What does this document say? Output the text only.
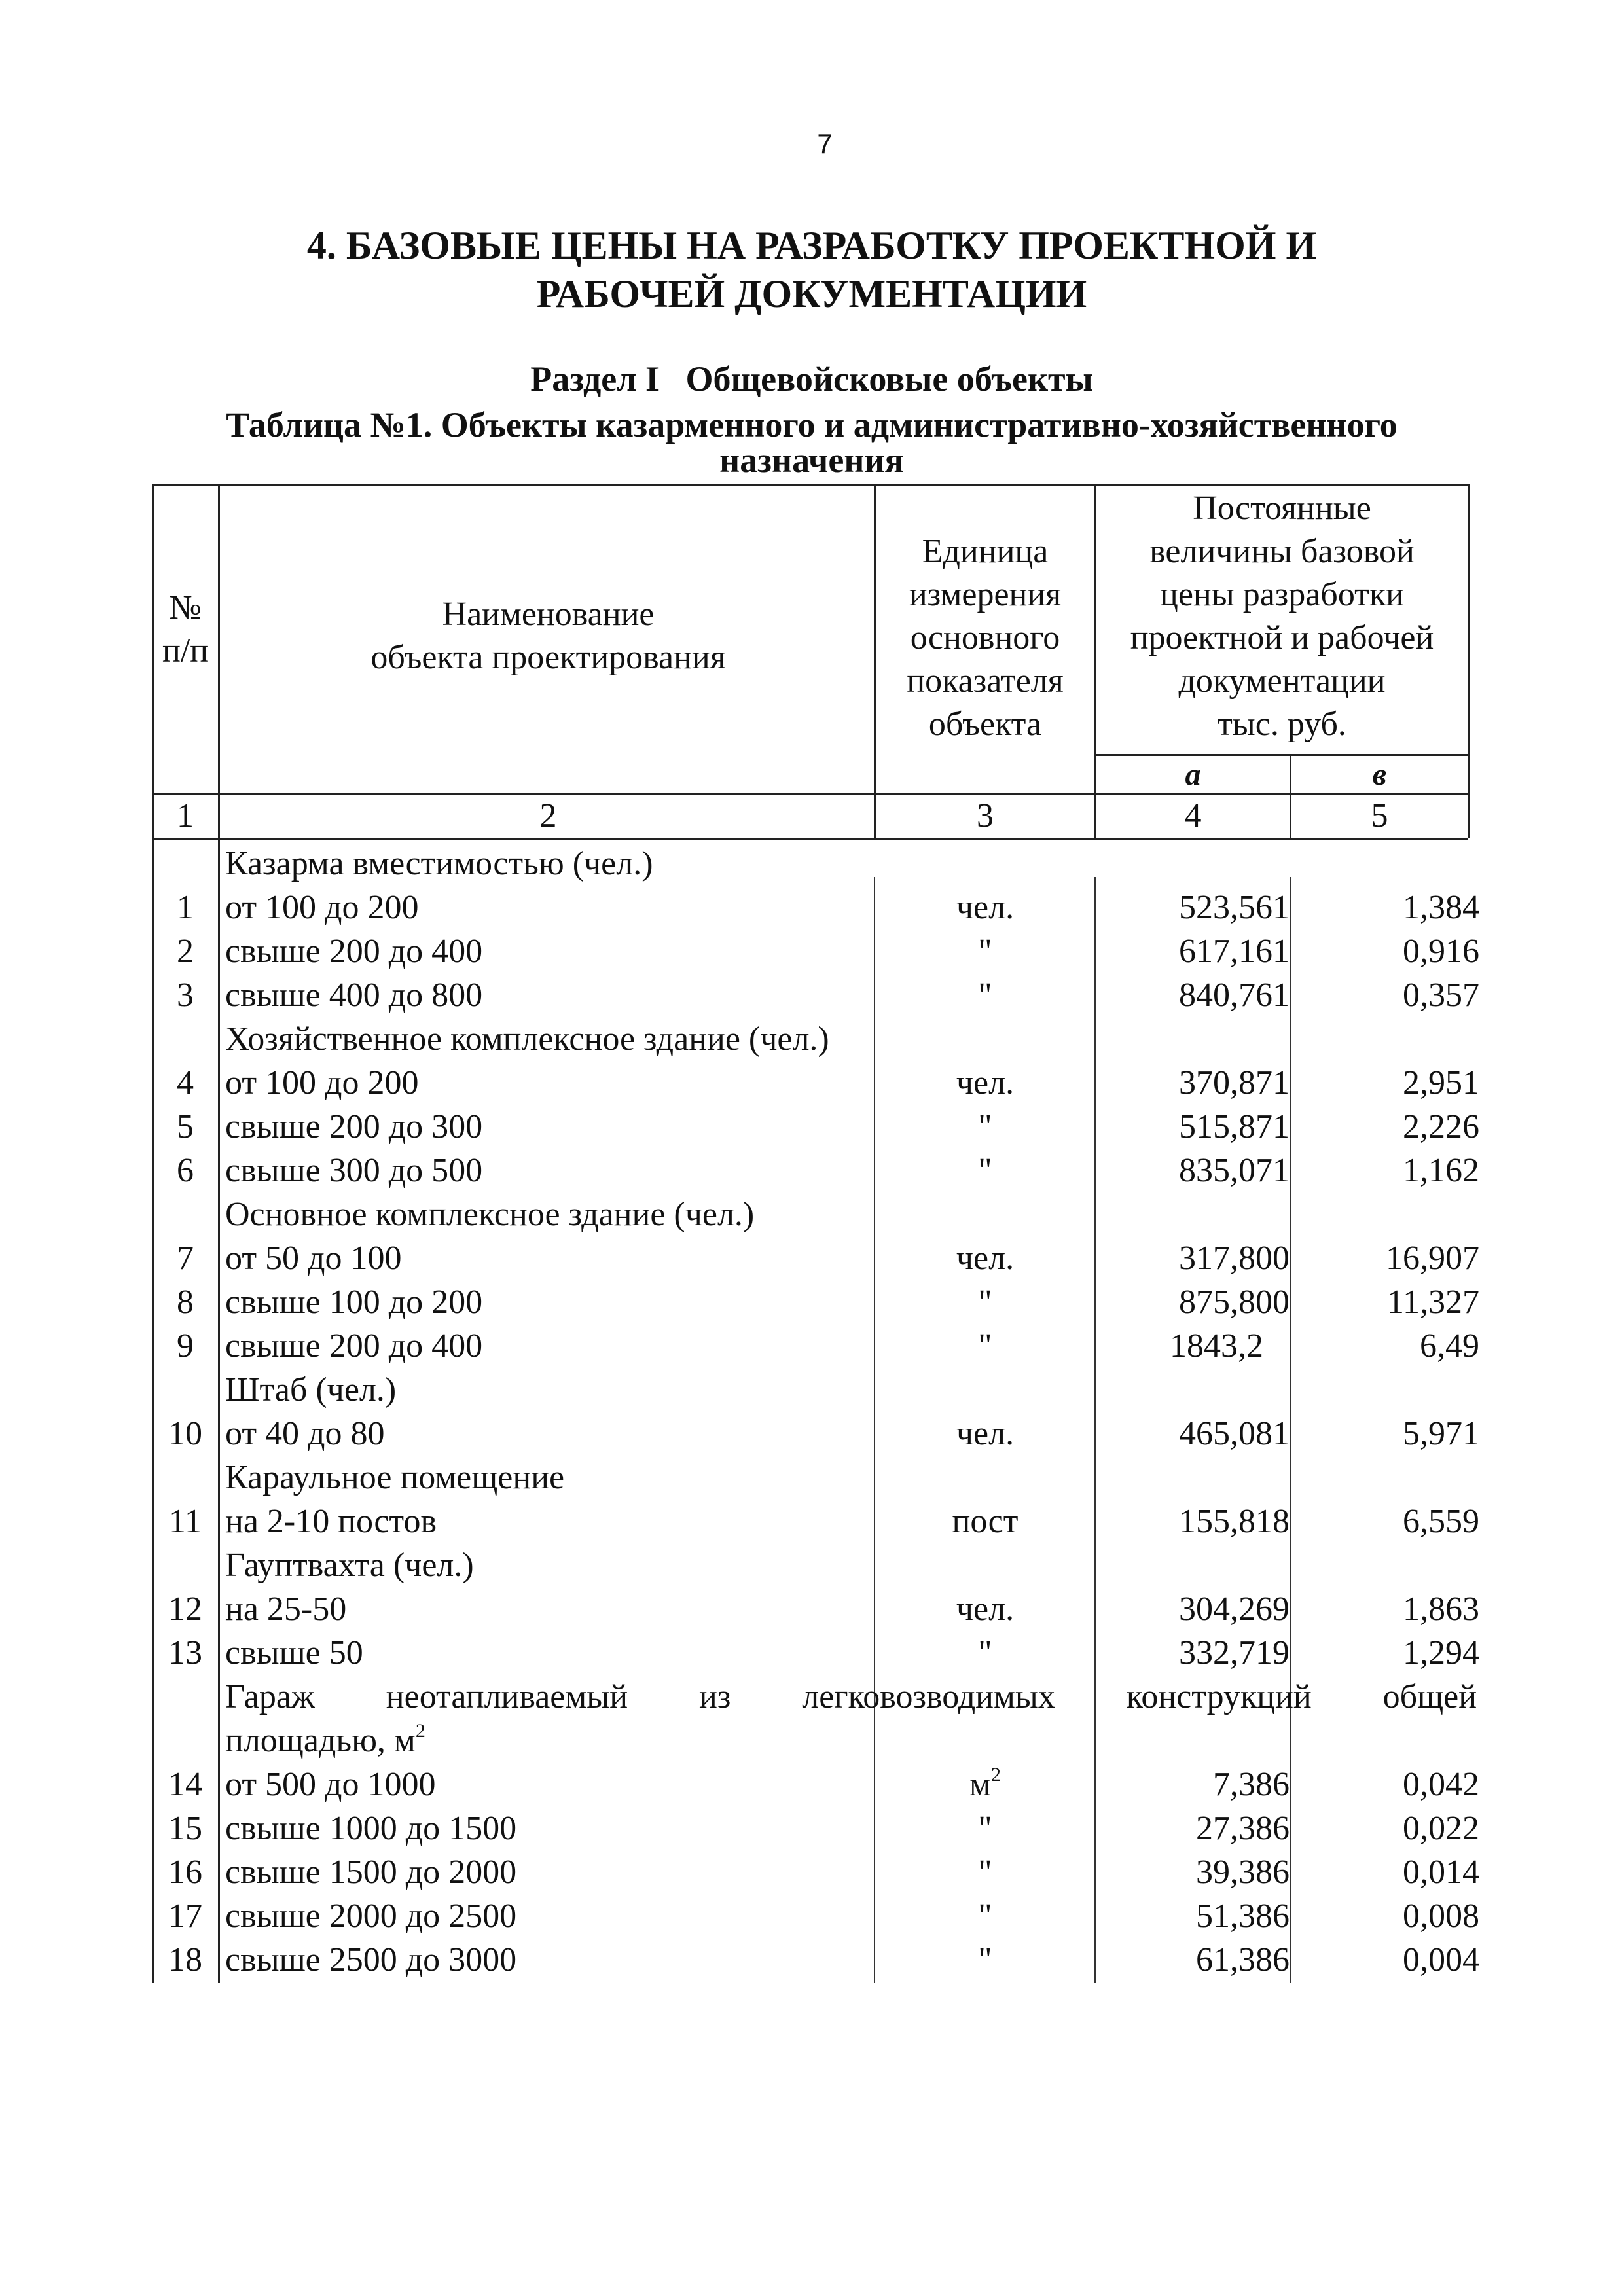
7
4. БАЗОВЫЕ ЦЕНЫ НА РАЗРАБОТКУ ПРОЕКТНОЙ И
РАБОЧЕЙ ДОКУМЕНТАЦИИ
Раздел I   Общевойсковые объекты
Таблица №1. Объекты казарменного и административно-хозяйственного
назначения
№
п/п
Наименование
объекта проектирования
Единица
измерения
основного
показателя
объекта
Постоянные
величины базовой
цены разработки
проектной и рабочей
документации
тыс. руб.
а	в
1	2	3	4	5
Казарма вместимостью (чел.)
1 от 100 до 200	чел.	523,561	1,384
2 свыше 200 до 400	"	617,161	0,916
3 свыше 400 до 800	"	840,761	0,357
Хозяйственное комплексное здание (чел.)
4 от 100 до 200	чел.	370,871	2,951
5 свыше 200 до 300	"	515,871	2,226
6 свыше 300 до 500	"	835,071	1,162
Основное комплексное здание (чел.)
7 от 50 до 100	чел.	317,800	16,907
8 свыше 100 до 200	"	875,800	11,327
9 свыше 200 до 400	"	1843,2	6,49
Штаб (чел.)
10 от 40 до 80	чел.	465,081	5,971
Караульное помещение
11 на 2-10 постов	пост	155,818	6,559
Гауптвахта (чел.)
12 на 25-50	чел.	304,269	1,863
13 свыше 50	"	332,719	1,294
Гараж неотапливаемый из легковозводимых конструкций общей
площадью, $м^2$
14 от 500 до 1000	$м^2$	7,386	0,042
15 свыше 1000 до 1500	"	27,386	0,022
16 свыше 1500 до 2000	"	39,386	0,014
17 свыше 2000 до 2500	"	51,386	0,008
18 свыше 2500 до 3000	"	61,386	0,004
